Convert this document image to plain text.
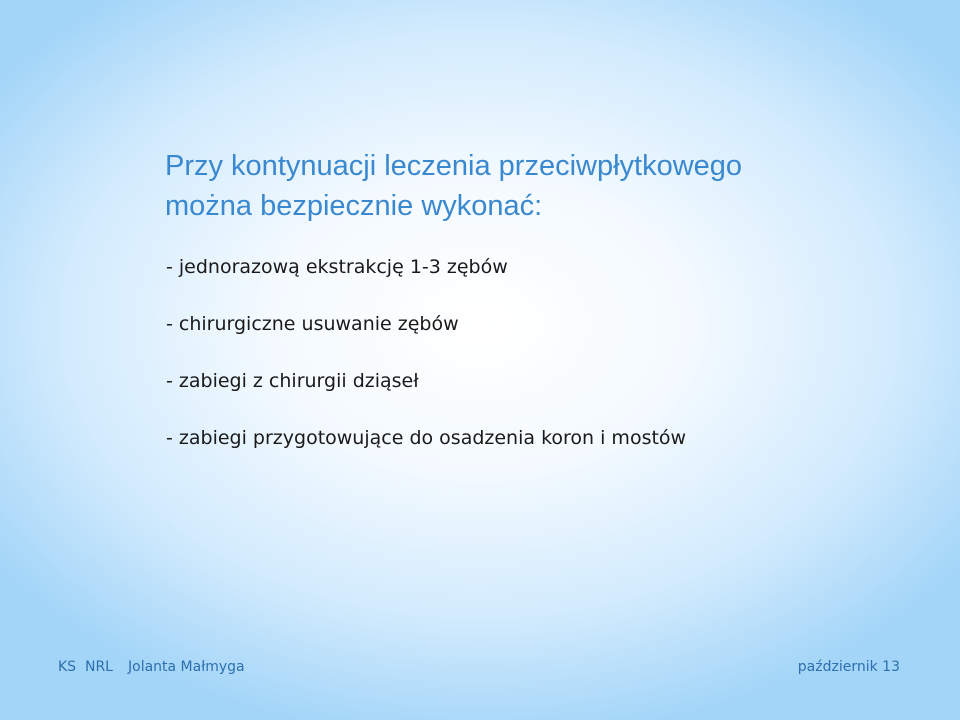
Przy kontynuacji leczenia przeciwpłytkowego
można bezpiecznie wykonać:
- jednorazową ekstrakcję 1-3 zębów
- chirurgiczne usuwanie zębów
- zabiegi z chirurgii dziąseł
- zabiegi przygotowujące do osadzenia koron i mostów
KS  NRL Jolanta Małmyga	październik 13
